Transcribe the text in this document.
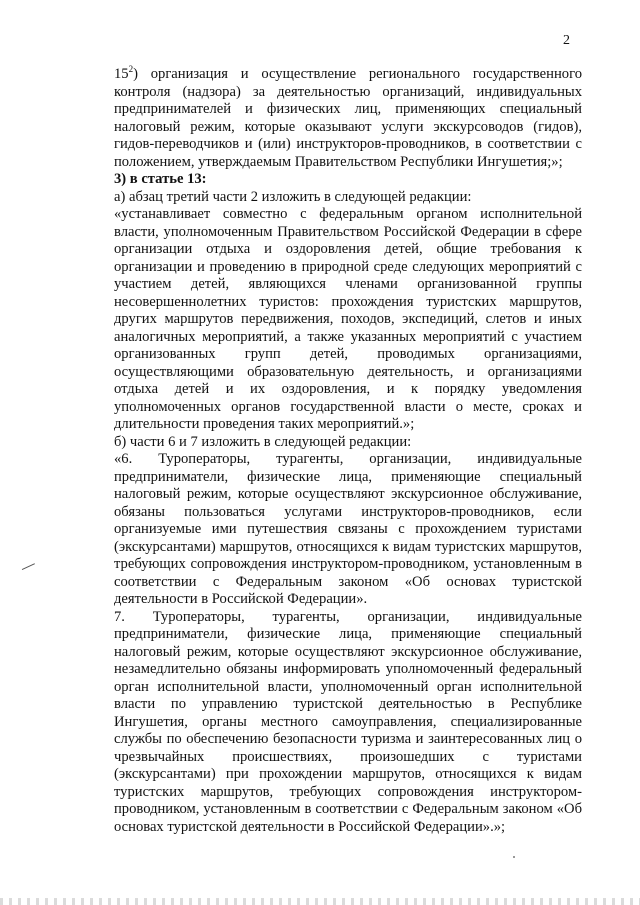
2

$15^2$) организация и осуществление регионального государственного
контроля (надзора) за деятельностью организаций, индивидуальных
предпринимателей и физических лиц, применяющих специальный
налоговый режим, которые оказывают услуги экскурсоводов (гидов),
гидов-переводчиков и (или) инструкторов-проводников, в соответствии с
положением, утверждаемым Правительством Республики Ингушетия;»;

3) в статье 13:

а) абзац третий части 2 изложить в следующей редакции:

«устанавливает совместно с федеральным органом исполнительной
власти, уполномоченным Правительством Российской Федерации в сфере
организации отдыха и оздоровления детей, общие требования к
организации и проведению в природной среде следующих мероприятий с
участием детей, являющихся членами организованной группы
несовершеннолетних туристов: прохождения туристских маршрутов,
других маршрутов передвижения, походов, экспедиций, слетов и иных
аналогичных мероприятий, а также указанных мероприятий с участием
организованных групп детей, проводимых организациями,
осуществляющими образовательную деятельность, и организациями
отдыха детей и их оздоровления, и к порядку уведомления
уполномоченных органов государственной власти о месте, сроках и
длительности проведения таких мероприятий.»;

б) части 6 и 7 изложить в следующей редакции:

«6. Туроператоры, турагенты, организации, индивидуальные
предприниматели, физические лица, применяющие специальный
налоговый режим, которые осуществляют экскурсионное обслуживание,
обязаны пользоваться услугами инструкторов-проводников, если
организуемые ими путешествия связаны с прохождением туристами
(экскурсантами) маршрутов, относящихся к видам туристских маршрутов,
требующих сопровождения инструктором-проводником, установленным в
соответствии с Федеральным законом «Об основах туристской
деятельности в Российской Федерации».

7. Туроператоры, турагенты, организации, индивидуальные
предприниматели, физические лица, применяющие специальный
налоговый режим, которые осуществляют экскурсионное обслуживание,
незамедлительно обязаны информировать уполномоченный федеральный
орган исполнительной власти, уполномоченный орган исполнительной
власти по управлению туристской деятельностью в Республике
Ингушетия, органы местного самоуправления, специализированные
службы по обеспечению безопасности туризма и заинтересованных лиц о
чрезвычайных происшествиях, произошедших с туристами
(экскурсантами) при прохождении маршрутов, относящихся к видам
туристских маршрутов, требующих сопровождения инструктором-
проводником, установленным в соответствии с Федеральным законом «Об
основах туристской деятельности в Российской Федерации».»;
